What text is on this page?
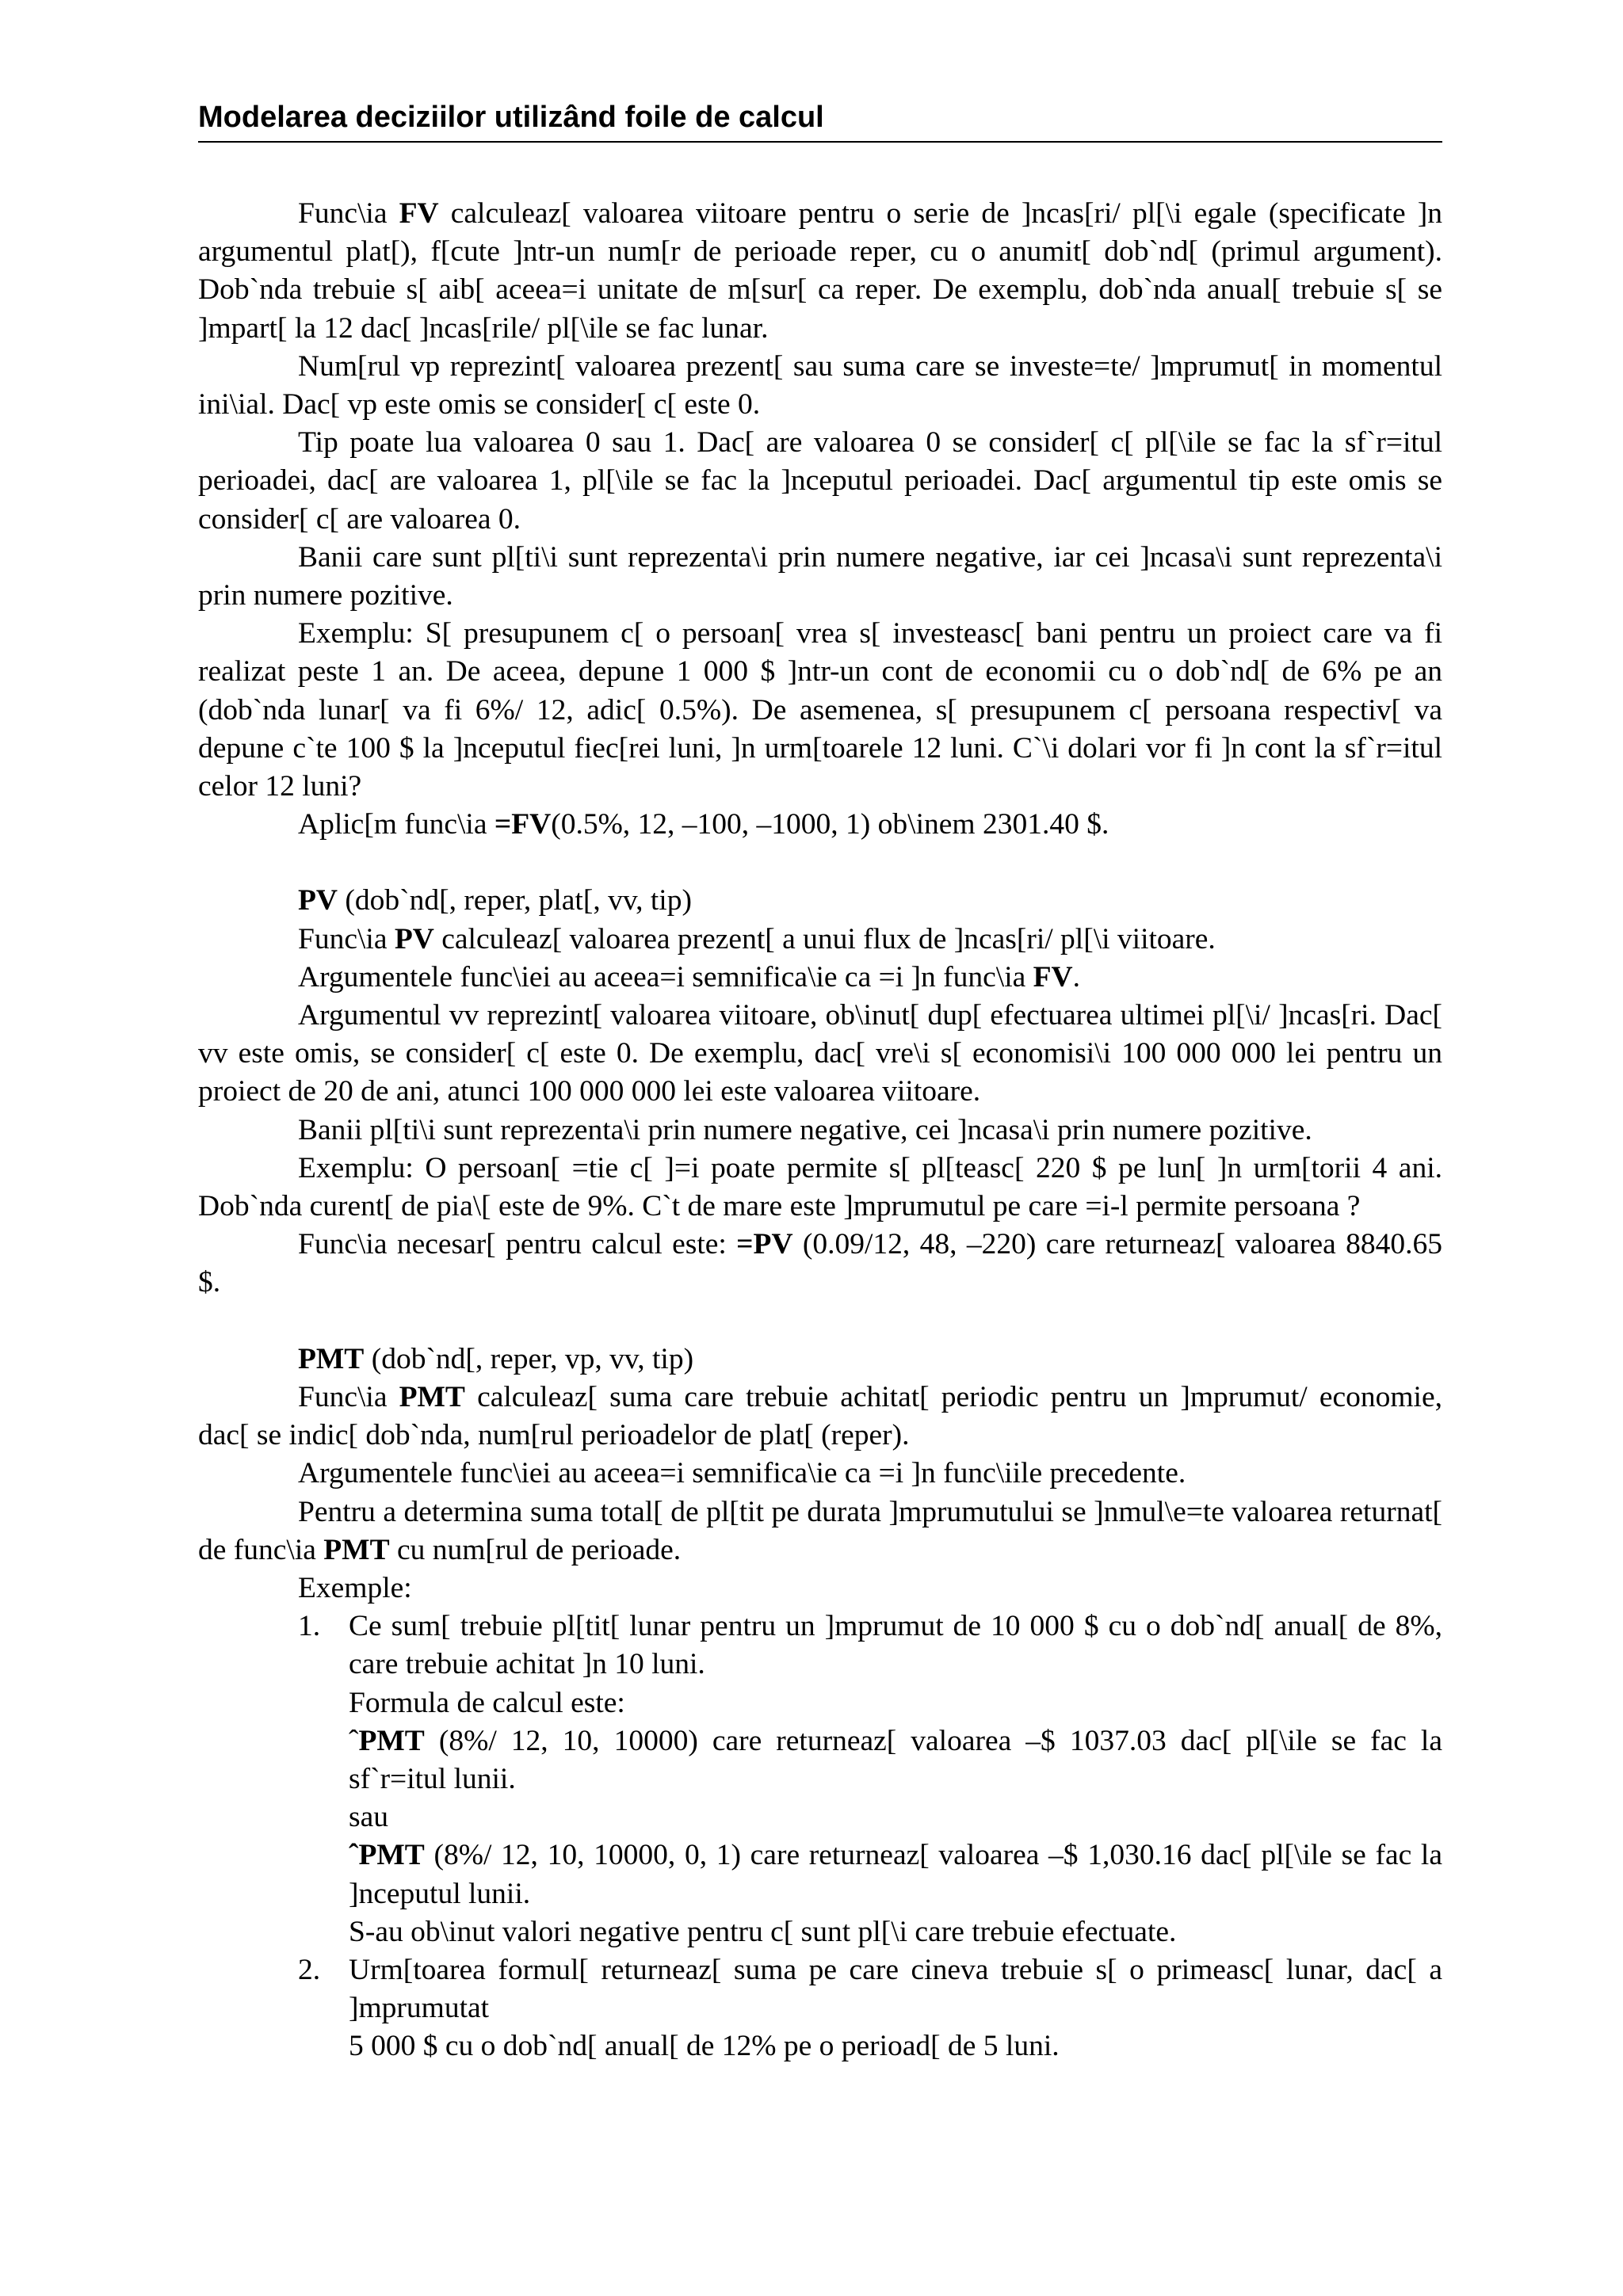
Modelarea deciziilor utilizând foile de calcul

Func\ia FV calculeaz[ valoarea viitoare pentru o serie de ]ncas[ri/ pl[\i egale (specificate ]n argumentul plat[), f[cute ]ntr-un num[r de perioade reper, cu o anumit[ dob`nd[ (primul argument). Dob`nda trebuie s[ aib[ aceea=i unitate de m[sur[ ca reper. De exemplu, dob`nda anual[ trebuie s[ se ]mpart[ la 12 dac[ ]ncas[rile/ pl[\ile se fac lunar.

Num[rul vp reprezint[ valoarea prezent[ sau suma care se investe=te/ ]mprumut[ in momentul ini\ial. Dac[ vp este omis se consider[ c[ este 0.

Tip poate lua valoarea 0 sau 1. Dac[ are valoarea 0 se consider[ c[ pl[\ile se fac la sf`r=itul perioadei, dac[ are valoarea 1, pl[\ile se fac la ]nceputul perioadei. Dac[ argumentul tip este omis se consider[ c[ are valoarea 0.

Banii care sunt pl[ti\i sunt reprezenta\i prin numere negative, iar cei ]ncasa\i sunt reprezenta\i prin numere pozitive.

Exemplu: S[ presupunem c[ o persoan[ vrea s[ investeasc[ bani pentru un proiect care va fi realizat peste 1 an. De aceea, depune 1 000 $ ]ntr-un cont de economii cu o dob`nd[ de 6% pe an (dob`nda lunar[ va fi 6%/ 12, adic[ 0.5%). De asemenea, s[ presupunem c[ persoana respectiv[ va depune c`te 100 $ la ]nceputul fiec[rei luni, ]n urm[toarele 12 luni. C`\i dolari vor fi ]n cont la sf`r=itul celor 12 luni?

Aplic[m func\ia =FV(0.5%, 12, –100, –1000, 1) ob\inem 2301.40 $.

PV (dob`nd[, reper, plat[, vv, tip)

Func\ia PV calculeaz[ valoarea prezent[ a unui flux de ]ncas[ri/ pl[\i viitoare.

Argumentele func\iei au aceea=i semnifica\ie ca =i ]n func\ia FV.

Argumentul vv reprezint[ valoarea viitoare, ob\inut[ dup[ efectuarea ultimei pl[\i/ ]ncas[ri. Dac[ vv este omis, se consider[ c[ este 0. De exemplu, dac[ vre\i s[ economisi\i 100 000 000 lei pentru un proiect de 20 de ani, atunci 100 000 000 lei este valoarea viitoare.

Banii pl[ti\i sunt reprezenta\i prin numere negative, cei ]ncasa\i prin numere pozitive.

Exemplu: O persoan[ =tie c[ ]=i poate permite s[ pl[teasc[ 220 $ pe lun[ ]n urm[torii 4 ani. Dob`nda curent[ de pia\[ este de 9%. C`t de mare este ]mprumutul pe care =i-l permite persoana ?

Func\ia necesar[ pentru calcul este: =PV (0.09/12, 48, –220) care returneaz[ valoarea 8840.65 $.

PMT (dob`nd[, reper, vp, vv, tip)

Func\ia PMT calculeaz[ suma care trebuie achitat[ periodic pentru un ]mprumut/ economie, dac[ se indic[ dob`nda, num[rul perioadelor de plat[ (reper).

Argumentele func\iei au aceea=i semnifica\ie ca =i ]n func\iile precedente.

Pentru a determina suma total[ de pl[tit pe durata ]mprumutului se ]nmul\e=te valoarea returnat[ de func\ia PMT cu num[rul de perioade.

Exemple:

1. Ce sum[ trebuie pl[tit[ lunar pentru un ]mprumut de 10 000 $ cu o dob`nd[ anual[ de 8%, care trebuie achitat ]n 10 luni.
Formula de calcul este:
ˆPMT (8%/ 12, 10, 10000) care returneaz[ valoarea –$ 1037.03 dac[ pl[\ile se fac la sf`r=itul lunii.
sau
ˆPMT (8%/ 12, 10, 10000, 0, 1) care returneaz[ valoarea –$ 1,030.16 dac[ pl[\ile se fac la ]nceputul lunii.
S-au ob\inut valori negative pentru c[ sunt pl[\i care trebuie efectuate.
2. Urm[toarea formul[ returneaz[ suma pe care cineva trebuie s[ o primeasc[ lunar, dac[ a ]mprumutat
5 000 $ cu o dob`nd[ anual[ de 12% pe o perioad[ de 5 luni.
